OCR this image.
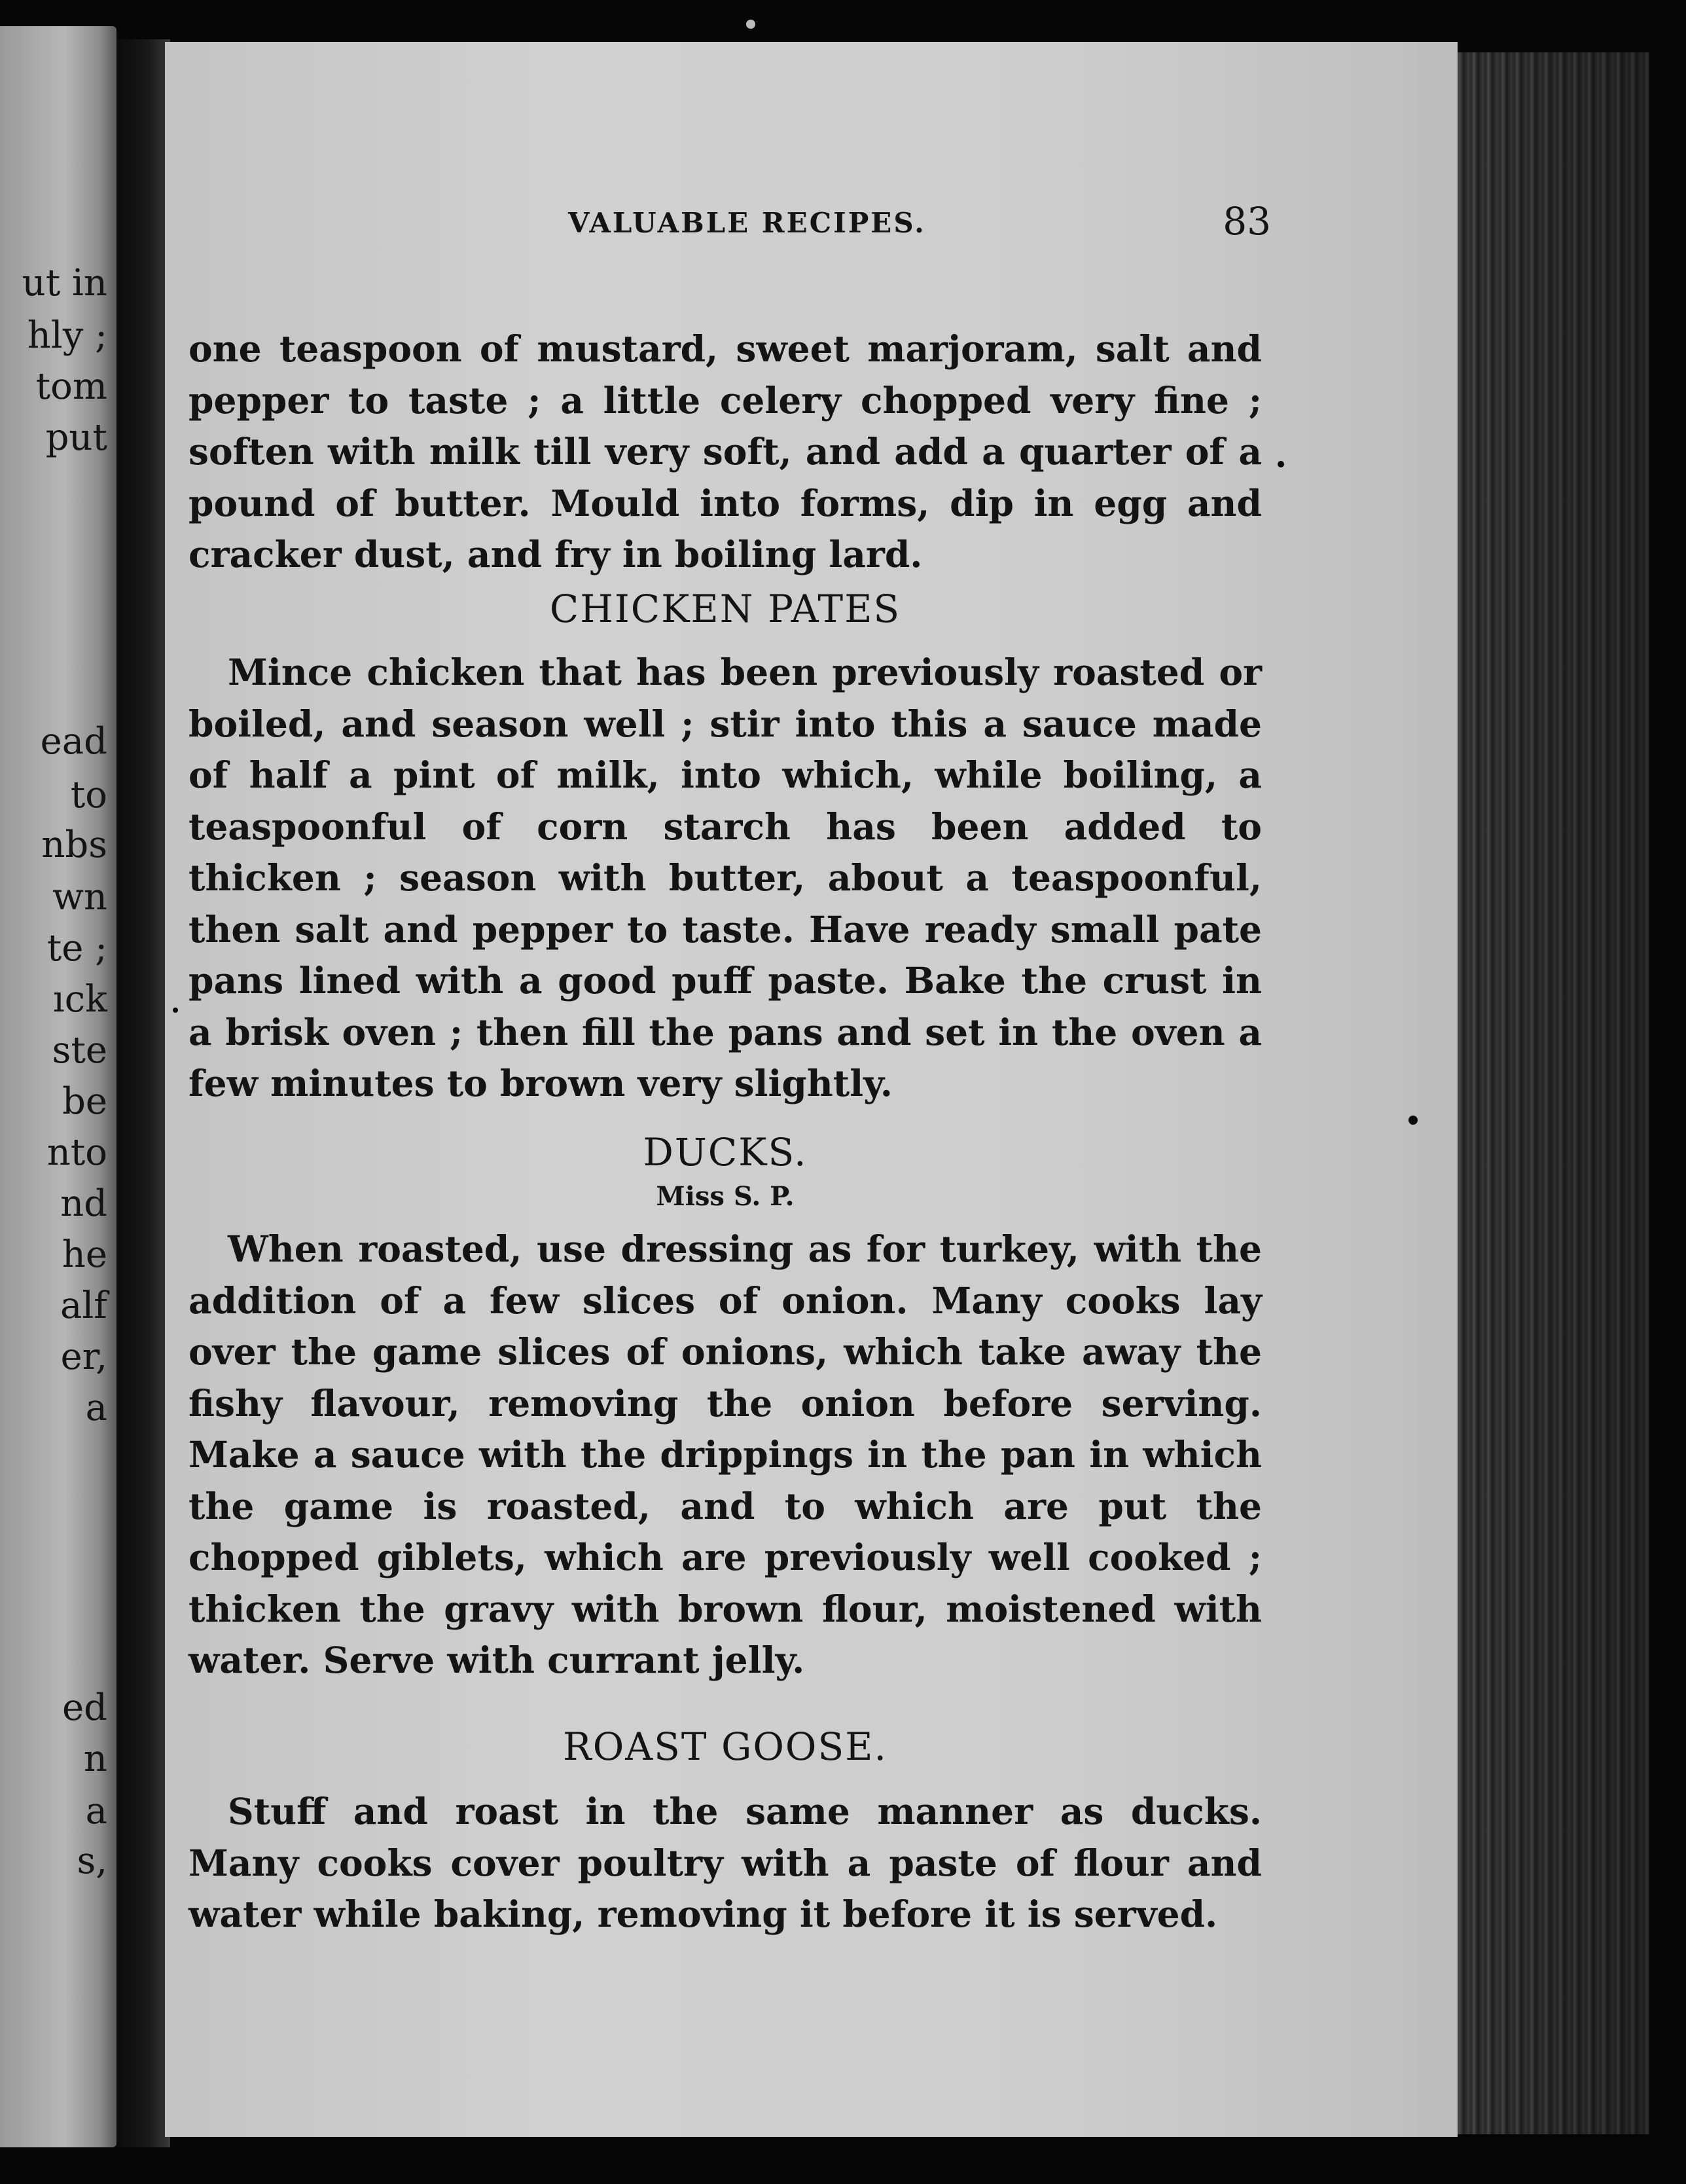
ut in
hly ;
tom
put
ead
to
nbs
wn
te ;
ıck
ste
be
nto
nd
he
alf
er,
a
ed
n
a
s,
VALUABLE RECIPES.	83

one teaspoon of mustard, sweet marjoram, salt and pepper to taste ; a little celery chopped very fine ; soften with milk till very soft, and add a quarter of a pound of butter. Mould into forms, dip in egg and cracker dust, and fry in boiling lard.

CHICKEN PATES

Mince chicken that has been previously roasted or boiled, and season well ; stir into this a sauce made of half a pint of milk, into which, while boiling, a teaspoonful of corn starch has been added to thicken ; season with butter, about a teaspoonful, then salt and pepper to taste. Have ready small pate pans lined with a good puff paste. Bake the crust in a brisk oven ; then fill the pans and set in the oven a few minutes to brown very slightly.

DUCKS.
Miss S. P.

When roasted, use dressing as for turkey, with the addition of a few slices of onion. Many cooks lay over the game slices of onions, which take away the fishy flavour, removing the onion before serving. Make a sauce with the drippings in the pan in which the game is roasted, and to which are put the chopped giblets, which are previously well cooked ; thicken the gravy with brown flour, moistened with water. Serve with currant jelly.

ROAST GOOSE.

Stuff and roast in the same manner as ducks. Many cooks cover poultry with a paste of flour and water while baking, removing it before it is served.
